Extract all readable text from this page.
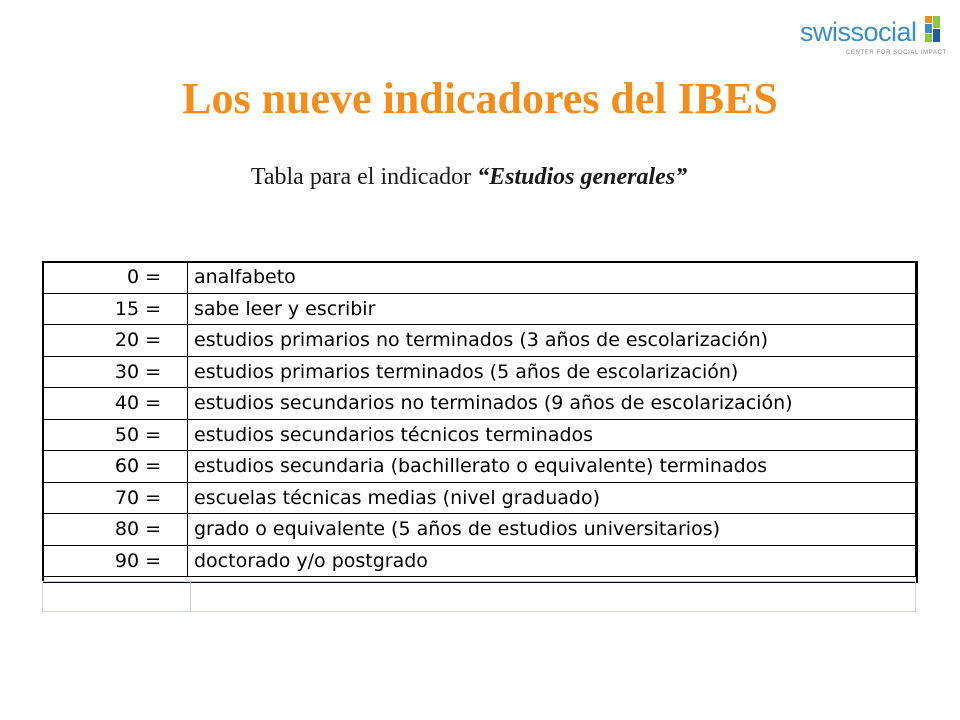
swissocial
CENTER FOR SOCIAL IMPACT
Los nueve indicadores del IBES
Tabla para el indicador “Estudios generales”
0 =	analfabeto
15 =	sabe leer y escribir
20 =	estudios primarios no terminados (3 años de escolarización)
30 =	estudios primarios terminados (5 años de escolarización)
40 =	estudios secundarios no terminados (9 años de escolarización)
50 =	estudios secundarios técnicos terminados
60 =	estudios secundaria (bachillerato o equivalente) terminados
70 =	escuelas técnicas medias (nivel graduado)
80 =	grado o equivalente (5 años de estudios universitarios)
90 =	doctorado y/o postgrado
